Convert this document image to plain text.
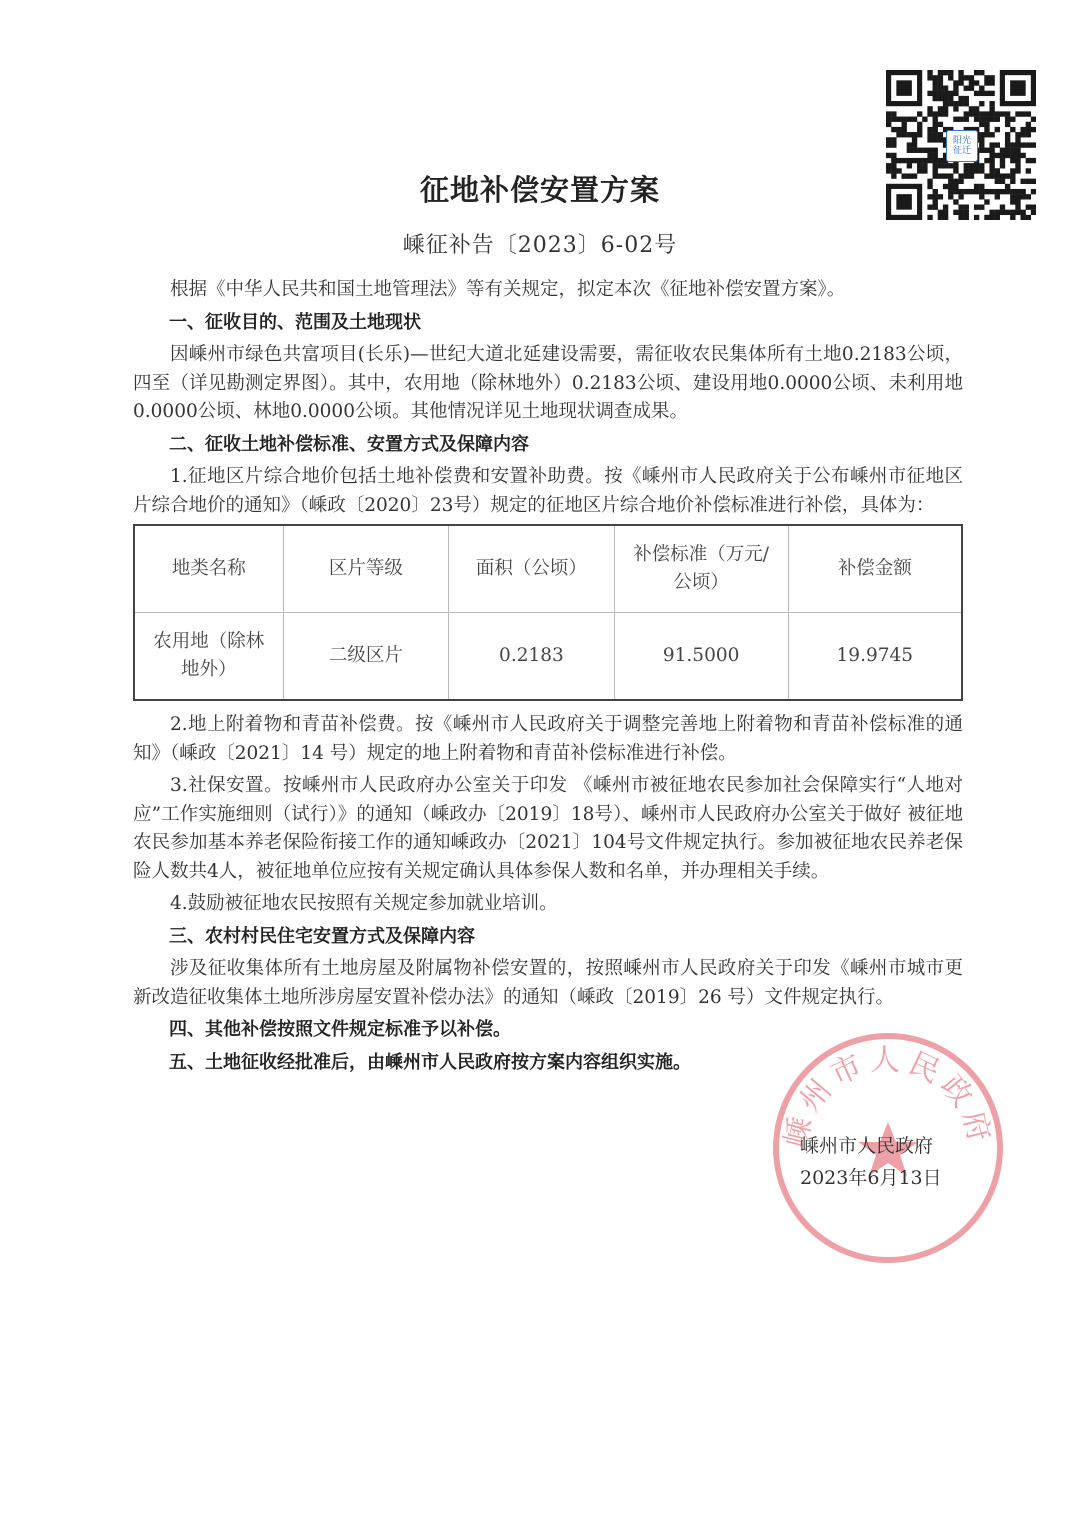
阳光
征迁
征地补偿安置方案
嵊征补告〔2023〕6-02号

根据《中华人民共和国土地管理法》等有关规定，拟定本次《征地补偿安置方案》。

一、征收目的、范围及土地现状

因嵊州市绿色共富项目(长乐)—世纪大道北延建设需要，需征收农民集体所有土地0.2183公顷，四至（详见勘测定界图）。其中，农用地（除林地外）0.2183公顷、建设用地0.0000公顷、未利用地0.0000公顷、林地0.0000公顷。其他情况详见土地现状调查成果。

二、征收土地补偿标准、安置方式及保障内容

1.征地区片综合地价包括土地补偿费和安置补助费。按《嵊州市人民政府关于公布嵊州市征地区片综合地价的通知》（嵊政〔2020〕23号）规定的征地区片综合地价补偿标准进行补偿，具体为：

地类名称	区片等级	面积（公顷）	补偿标准（万元/公顷）	补偿金额
农用地（除林地外）	二级区片	0.2183	91.5000	19.9745

2.地上附着物和青苗补偿费。按《嵊州市人民政府关于调整完善地上附着物和青苗补偿标准的通知》（嵊政〔2021〕14 号）规定的地上附着物和青苗补偿标准进行补偿。

3.社保安置。按嵊州市人民政府办公室关于印发 《嵊州市被征地农民参加社会保障实行“人地对应”工作实施细则（试行）》的通知（嵊政办〔2019〕18号）、嵊州市人民政府办公室关于做好 被征地农民参加基本养老保险衔接工作的通知嵊政办〔2021〕104号文件规定执行。参加被征地农民养老保险人数共4人，被征地单位应按有关规定确认具体参保人数和名单，并办理相关手续。

4.鼓励被征地农民按照有关规定参加就业培训。

三、农村村民住宅安置方式及保障内容

涉及征收集体所有土地房屋及附属物补偿安置的，按照嵊州市人民政府关于印发《嵊州市城市更新改造征收集体土地所涉房屋安置补偿办法》的通知（嵊政〔2019〕26 号）文件规定执行。

四、其他补偿按照文件规定标准予以补偿。

五、土地征收经批准后，由嵊州市人民政府按方案内容组织实施。

嵊州市人民政府
嵊州市人民政府
2023年6月13日
